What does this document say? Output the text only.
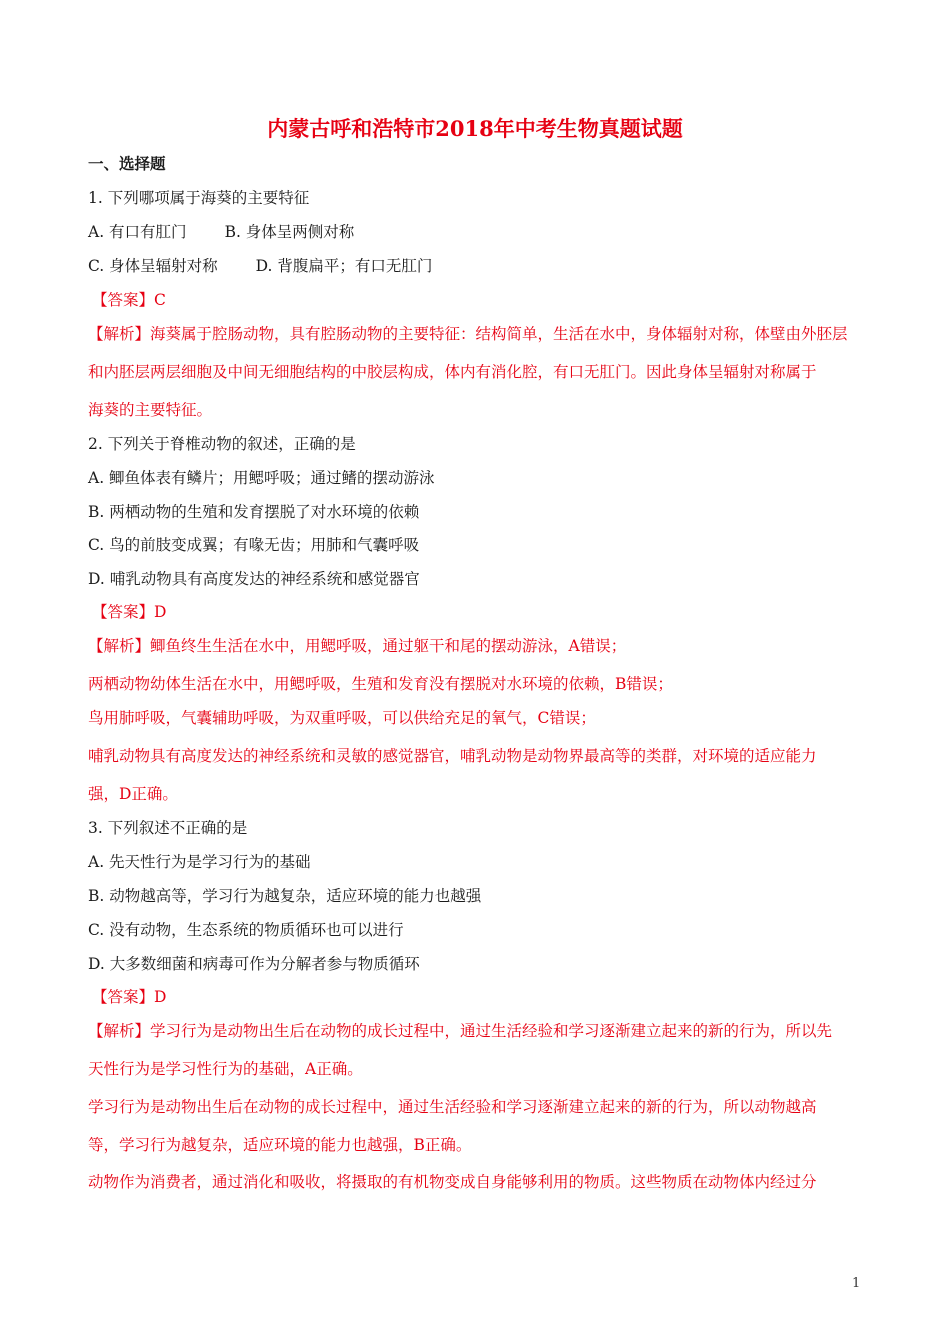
内蒙古呼和浩特市2018年中考生物真题试题
一、选择题
1. 下列哪项属于海葵的主要特征
A. 有口有肛门 B. 身体呈两侧对称
C. 身体呈辐射对称 D. 背腹扁平；有口无肛门
【答案】C
【解析】海葵属于腔肠动物，具有腔肠动物的主要特征：结构简单，生活在水中，身体辐射对称，体壁由外胚层
和内胚层两层细胞及中间无细胞结构的中胶层构成，体内有消化腔，有口无肛门。因此身体呈辐射对称属于
海葵的主要特征。
2. 下列关于脊椎动物的叙述，正确的是
A. 鲫鱼体表有鳞片；用鳃呼吸；通过鳍的摆动游泳
B. 两栖动物的生殖和发育摆脱了对水环境的依赖
C. 鸟的前肢变成翼；有喙无齿；用肺和气囊呼吸
D. 哺乳动物具有高度发达的神经系统和感觉器官
【答案】D
【解析】鲫鱼终生生活在水中，用鳃呼吸，通过躯干和尾的摆动游泳，A错误；
两栖动物幼体生活在水中，用鳃呼吸，生殖和发育没有摆脱对水环境的依赖，B错误；
鸟用肺呼吸，气囊辅助呼吸，为双重呼吸，可以供给充足的氧气，C错误；
哺乳动物具有高度发达的神经系统和灵敏的感觉器官，哺乳动物是动物界最高等的类群，对环境的适应能力
强，D正确。
3. 下列叙述不正确的是
A. 先天性行为是学习行为的基础
B. 动物越高等，学习行为越复杂，适应环境的能力也越强
C. 没有动物，生态系统的物质循环也可以进行
D. 大多数细菌和病毒可作为分解者参与物质循环
【答案】D
【解析】学习行为是动物出生后在动物的成长过程中，通过生活经验和学习逐渐建立起来的新的行为，所以先
天性行为是学习性行为的基础，A正确。
学习行为是动物出生后在动物的成长过程中，通过生活经验和学习逐渐建立起来的新的行为，所以动物越高
等，学习行为越复杂，适应环境的能力也越强，B正确。
动物作为消费者，通过消化和吸收，将摄取的有机物变成自身能够利用的物质。这些物质在动物体内经过分
1
